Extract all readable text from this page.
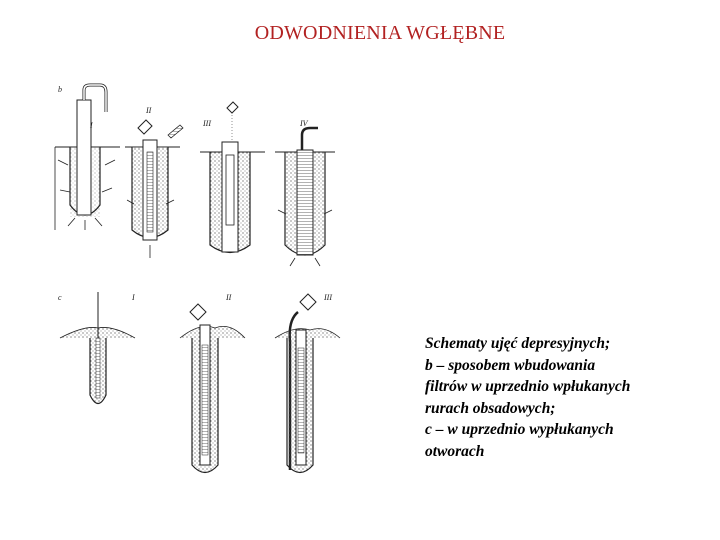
ODWODNIENIA WGŁĘBNE
b
I
II
III	IV
c	I	II	III
Schematy ujęć depresyjnych;
b – sposobem wbudowania
filtrów w uprzednio wpłukanych
rurach obsadowych;
c – w uprzednio wypłukanych
otworach
